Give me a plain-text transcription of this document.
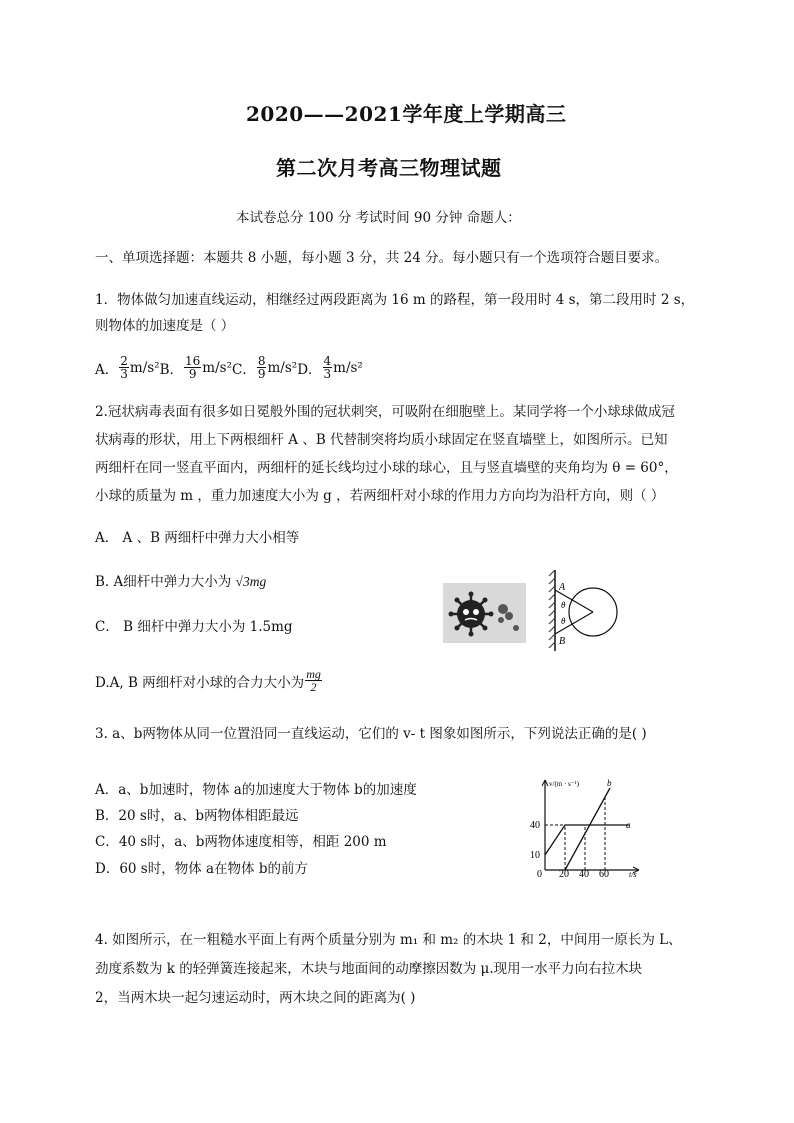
2020——2021学年度上学期高三
第二次月考高三物理试题
本试卷总分 100 分 考试时间 90 分钟 命题人：
一、单项选择题：本题共 8 小题，每小题 3 分，共 24 分。每小题只有一个选项符合题目要求。
1．物体做匀加速直线运动，相继经过两段距离为 16 m 的路程，第一段用时 4 s，第二段用时 2 s，
则物体的加速度是（ ）
A． $\frac{2}{3} m/s^2$ B． $\frac{16}{9} m/s^2$ C． $\frac{8}{9} m/s^2$ D． $\frac{4}{3} m/s^2$
2.冠状病毒表面有很多如日冕般外围的冠状刺突，可吸附在细胞壁上。某同学将一个小球球做成冠
状病毒的形状，用上下两根细杆 A 、B 代替制突将均质小球固定在竖直墙壁上，如图所示。已知
两细杆在同一竖直平面内，两细杆的延长线均过小球的球心，且与竖直墙壁的夹角均为 θ = 60°，
小球的质量为 m ，重力加速度大小为 g ，若两细杆对小球的作用力方向均为沿杆方向，则（ ）
A． A 、B 两细杆中弹力大小相等
B. A细杆中弹力大小为 √3mg
C． B 细杆中弹力大小为 1.5mg
D.A, B 两细杆对小球的合力大小为 $\frac{mg}{2}$
A
θ
θ
B
3. a、b两物体从同一位置沿同一直线运动，它们的 v- t 图象如图所示，下列说法正确的是( )
A．a、b加速时，物体 a的加速度大于物体 b的加速度
B．20 s时，a、b两物体相距最远
C．40 s时，a、b两物体速度相等，相距 200 m
D．60 s时，物体 a在物体 b的前方
v/(m · s⁻¹)
t/s
40
10
0 20 40 60
a
b
4. 如图所示，在一粗糙水平面上有两个质量分别为 m₁ 和 m₂ 的木块 1 和 2，中间用一原长为 L、
劲度系数为 k 的轻弹簧连接起来，木块与地面间的动摩擦因数为 μ.现用一水平力向右拉木块
2，当两木块一起匀速运动时，两木块之间的距离为( )
